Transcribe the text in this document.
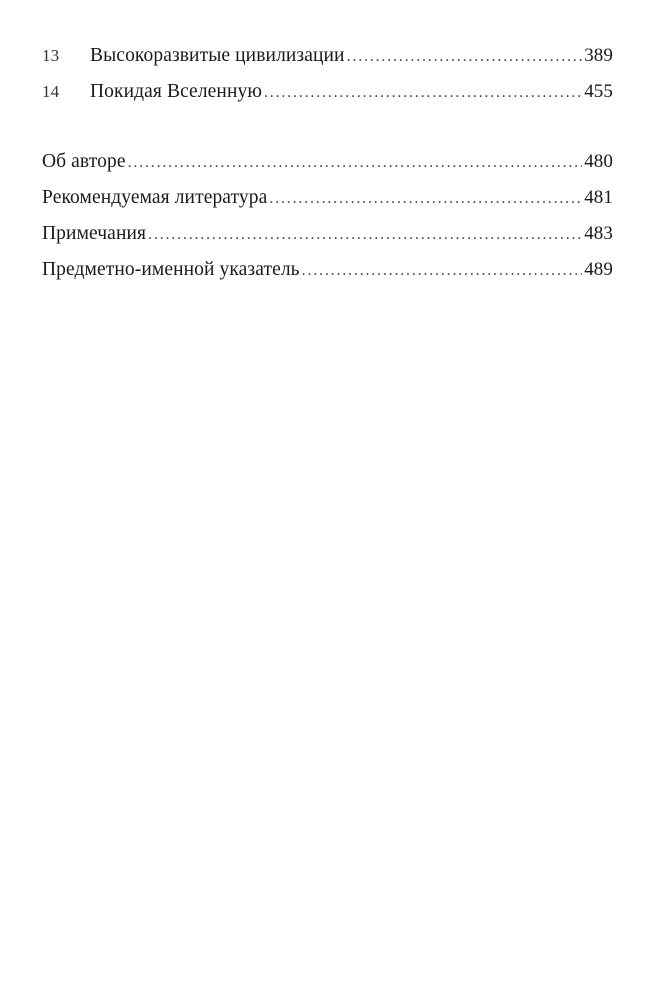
13	Высокоразвитые цивилизации . . .	389
14	Покидая Вселенную . . .	455
Об авторе . . .	480
Рекомендуемая литература . . .	481
Примечания . . .	483
Предметно-именной указатель . . .	489
